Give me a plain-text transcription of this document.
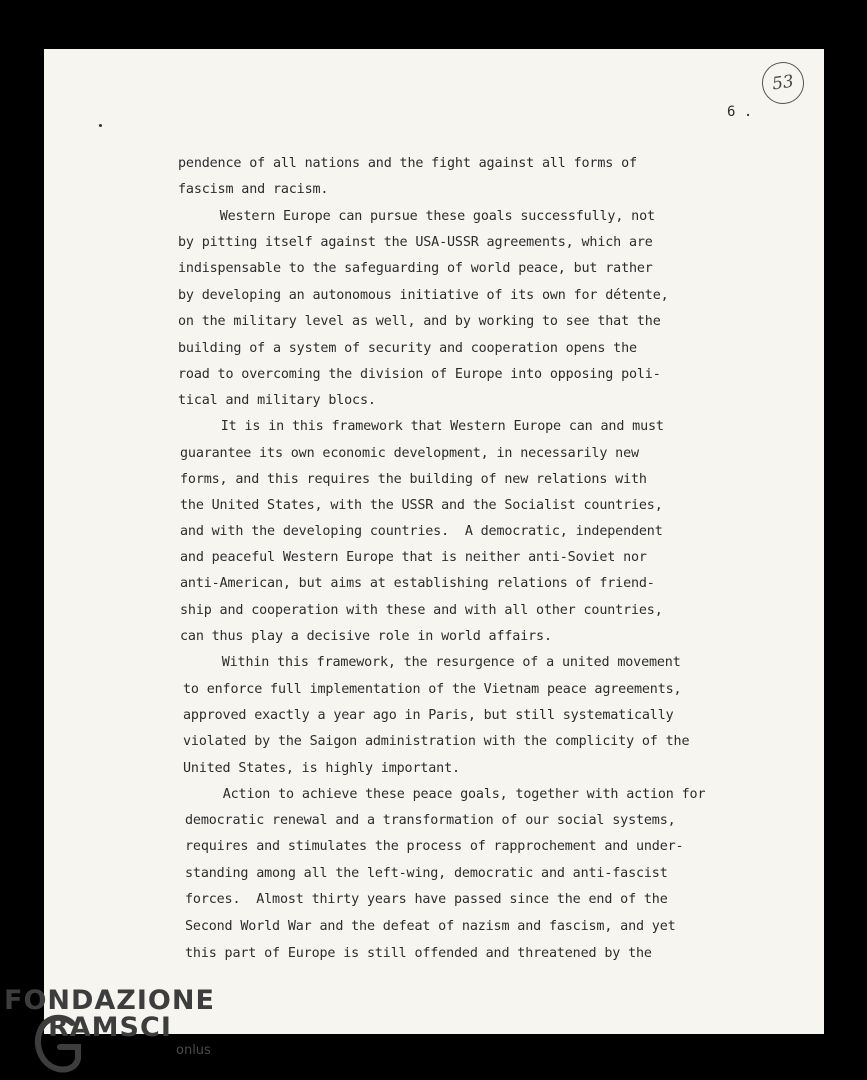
53
6 .

pendence of all nations and the fight against all forms of

fascism and racism.

Western Europe can pursue these goals successfully, not

by pitting itself against the USA-USSR agreements, which are

indispensable to the safeguarding of world peace, but rather

by developing an autonomous initiative of its own for détente,

on the military level as well, and by working to see that the

building of a system of security and cooperation opens the

road to overcoming the division of Europe into opposing poli-

tical and military blocs.

It is in this framework that Western Europe can and must

guarantee its own economic development, in necessarily new

forms, and this requires the building of new relations with

the United States, with the USSR and the Socialist countries,

and with the developing countries.  A democratic, independent

and peaceful Western Europe that is neither anti-Soviet nor

anti-American, but aims at establishing relations of friend-

ship and cooperation with these and with all other countries,

can thus play a decisive role in world affairs.

Within this framework, the resurgence of a united movement

to enforce full implementation of the Vietnam peace agreements,

approved exactly a year ago in Paris, but still systematically

violated by the Saigon administration with the complicity of the

United States, is highly important.

Action to achieve these peace goals, together with action for

democratic renewal and a transformation of our social systems,

requires and stimulates the process of rapprochement and under-

standing among all the left-wing, democratic and anti-fascist

forces.  Almost thirty years have passed since the end of the

Second World War and the defeat of nazism and fascism, and yet

this part of Europe is still offended and threatened by the

FONDAZIONE
RAMSCI
onlus
